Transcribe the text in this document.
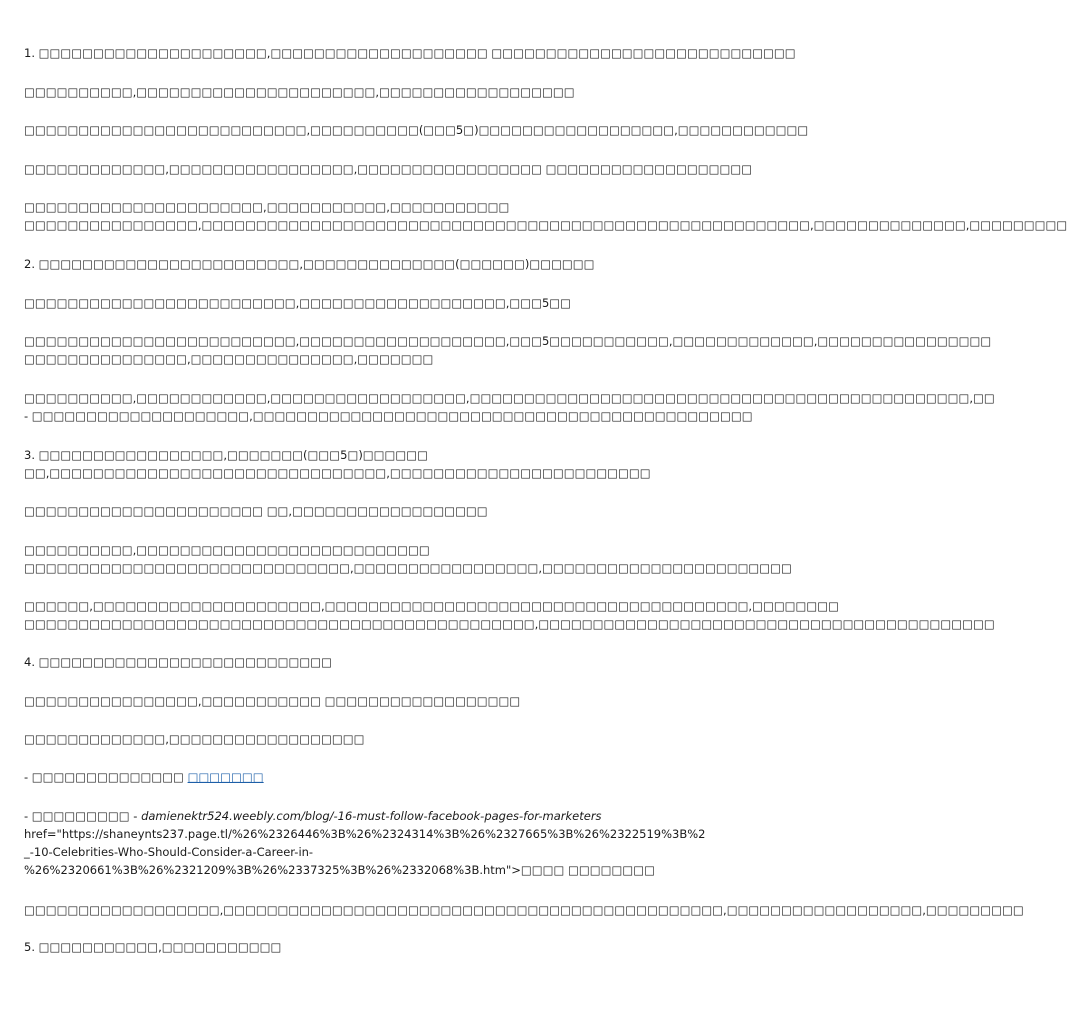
1. □□□□□□□□□□□□□□□□□□□□□,□□□□□□□□□□□□□□□□□□□□ □□□□□□□□□□□□□□□□□□□□□□□□□□□□
□□□□□□□□□□,□□□□□□□□□□□□□□□□□□□□□□,□□□□□□□□□□□□□□□□□□
□□□□□□□□□□□□□□□□□□□□□□□□□□,□□□□□□□□□□(□□□5□)□□□□□□□□□□□□□□□□□□,□□□□□□□□□□□□
□□□□□□□□□□□□□,□□□□□□□□□□□□□□□□□,□□□□□□□□□□□□□□□□□ □□□□□□□□□□□□□□□□□□□
□□□□□□□□□□□□□□□□□□□□□□,□□□□□□□□□□□,□□□□□□□□□□□
□□□□□□□□□□□□□□□□,□□□□□□□□□□□□□□□□□□□□□□□□□□□□□□□□□□□□□□□□□□□□□□□□□□□□□□□□,□□□□□□□□□□□□□□,□□□□□□□□□
2. □□□□□□□□□□□□□□□□□□□□□□□□,□□□□□□□□□□□□□□(□□□□□□)□□□□□□
□□□□□□□□□□□□□□□□□□□□□□□□□,□□□□□□□□□□□□□□□□□□□,□□□5□□
□□□□□□□□□□□□□□□□□□□□□□□□□,□□□□□□□□□□□□□□□□□□□,□□□5□□□□□□□□□□□,□□□□□□□□□□□□□,□□□□□□□□□□□□□□□□
□□□□□□□□□□□□□□□,□□□□□□□□□□□□□□□,□□□□□□□
□□□□□□□□□□,□□□□□□□□□□□□,□□□□□□□□□□□□□□□□□□,□□□□□□□□□□□□□□□□□□□□□□□□□□□□□□□□□□□□□□□□□□□□□□,□□
- □□□□□□□□□□□□□□□□□□□□,□□□□□□□□□□□□□□□□□□□□□□□□□□□□□□□□□□□□□□□□□□□□□□
3. □□□□□□□□□□□□□□□□□,□□□□□□□(□□□5□)□□□□□□
□□,□□□□□□□□□□□□□□□□□□□□□□□□□□□□□□□,□□□□□□□□□□□□□□□□□□□□□□□□
□□□□□□□□□□□□□□□□□□□□□□ □□,□□□□□□□□□□□□□□□□□□
□□□□□□□□□□,□□□□□□□□□□□□□□□□□□□□□□□□□□□
□□□□□□□□□□□□□□□□□□□□□□□□□□□□□□,□□□□□□□□□□□□□□□□□,□□□□□□□□□□□□□□□□□□□□□□□
□□□□□□,□□□□□□□□□□□□□□□□□□□□□,□□□□□□□□□□□□□□□□□□□□□□□□□□□□□□□□□□□□□□□,□□□□□□□□
□□□□□□□□□□□□□□□□□□□□□□□□□□□□□□□□□□□□□□□□□□□□□□□,□□□□□□□□□□□□□□□□□□□□□□□□□□□□□□□□□□□□□□□□□□
4. □□□□□□□□□□□□□□□□□□□□□□□□□□□
□□□□□□□□□□□□□□□□,□□□□□□□□□□□ □□□□□□□□□□□□□□□□□□
□□□□□□□□□□□□□,□□□□□□□□□□□□□□□□□□
- □□□□□□□□□□□□□□ □□□□□□□
- □□□□□□□□□ - damienektr524.weebly.com/blog/-16-must-follow-facebook-pages-for-marketers
href="https://shaneynts237.page.tl/%26%2326446%3B%26%2324314%3B%26%2327665%3B%26%2322519%3B%2
_-10-Celebrities-Who-Should-Consider-a-Career-in-
%26%2320661%3B%26%2321209%3B%26%2337325%3B%26%2332068%3B.htm">□□□□ □□□□□□□□
□□□□□□□□□□□□□□□□□□,□□□□□□□□□□□□□□□□□□□□□□□□□□□□□□□□□□□□□□□□□□□□□□,□□□□□□□□□□□□□□□□□□,□□□□□□□□□
5. □□□□□□□□□□□,□□□□□□□□□□□
